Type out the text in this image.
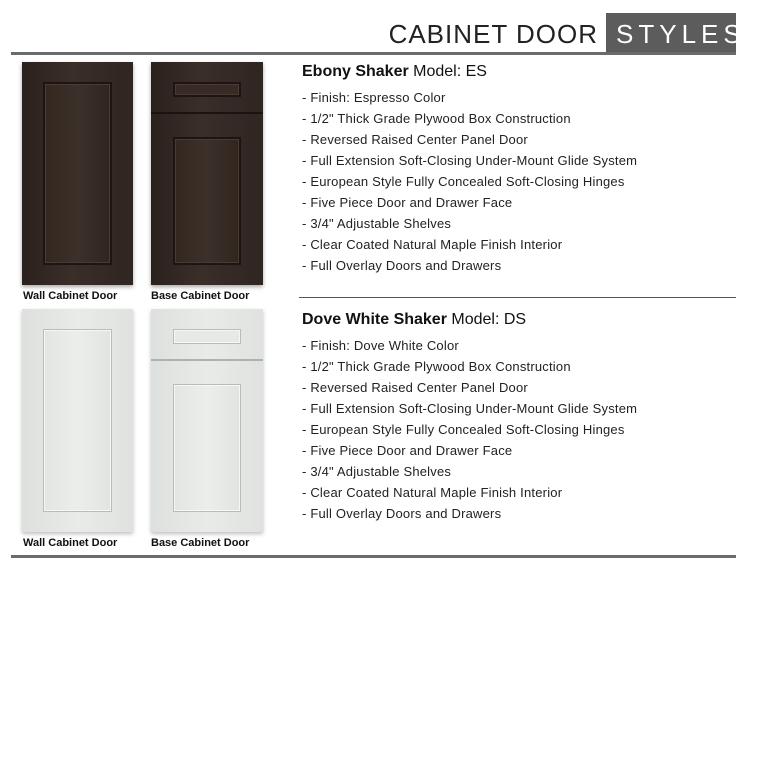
CABINET DOOR STYLES
Wall Cabinet Door	Base Cabinet Door
Ebony Shaker Model: ES
- Finish: Espresso Color
- 1/2" Thick Grade Plywood Box Construction
- Reversed Raised Center Panel Door
- Full Extension Soft-Closing Under-Mount Glide System
- European Style Fully Concealed Soft-Closing Hinges
- Five Piece Door and Drawer Face
- 3/4" Adjustable Shelves
- Clear Coated Natural Maple Finish Interior
- Full Overlay Doors and Drawers
Wall Cabinet Door	Base Cabinet Door
Dove White Shaker Model: DS
- Finish: Dove White Color
- 1/2" Thick Grade Plywood Box Construction
- Reversed Raised Center Panel Door
- Full Extension Soft-Closing Under-Mount Glide System
- European Style Fully Concealed Soft-Closing Hinges
- Five Piece Door and Drawer Face
- 3/4" Adjustable Shelves
- Clear Coated Natural Maple Finish Interior
- Full Overlay Doors and Drawers
